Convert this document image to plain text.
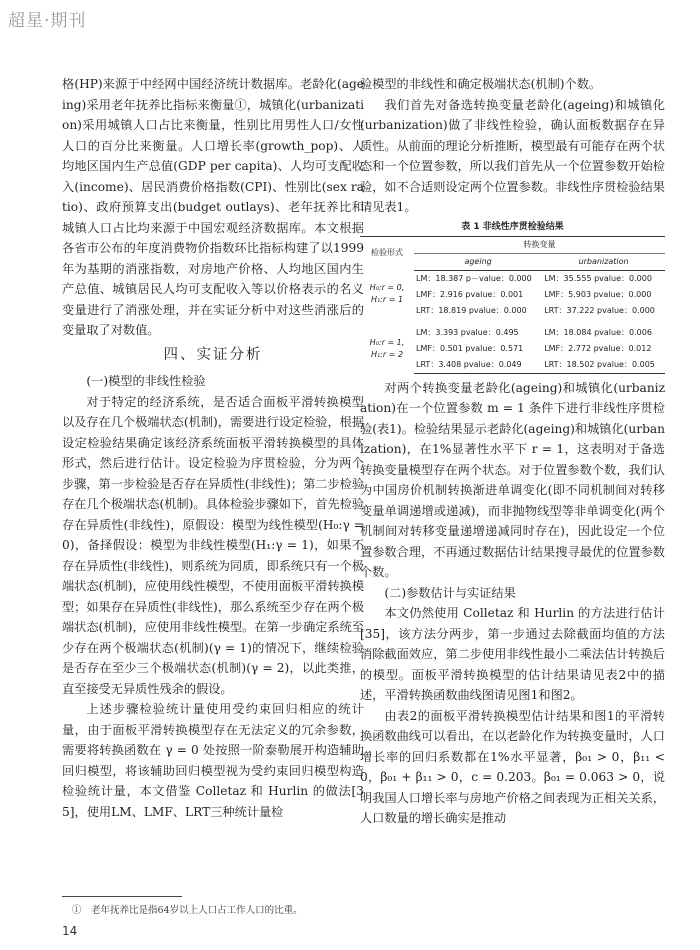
超星·期刊

格(HP)来源于中经网中国经济统计数据库。老龄化(ageing)采用老年抚养比指标来衡量①，城镇化(urbanization)采用城镇人口占比来衡量，性别比用男性人口/女性人口的百分比来衡量。人口增长率(growth_pop)、人均地区国内生产总值(GDP per capita)、人均可支配收入(income)、居民消费价格指数(CPI)、性别比(sex ratio)、政府预算支出(budget outlays)、老年抚养比和城镇人口占比均来源于中国宏观经济数据库。本文根据各省市公布的年度消费物价指数环比指标构建了以1999年为基期的消涨指数，对房地产价格、人均地区国内生产总值、城镇居民人均可支配收入等以价格表示的名义变量进行了消涨处理，并在实证分析中对这些消涨后的变量取了对数值。

四、实证分析
(一)模型的非线性检验

对于特定的经济系统，是否适合面板平滑转换模型以及存在几个极端状态(机制)，需要进行设定检验，根据设定检验结果确定该经济系统面板平滑转换模型的具体形式，然后进行估计。设定检验为序贯检验，分为两个步骤，第一步检验是否存在异质性(非线性)；第二步检验存在几个极端状态(机制)。具体检验步骤如下，首先检验存在异质性(非线性)，原假设：模型为线性模型(H₀:γ = 0)，备择假设：模型为非线性模型(H₁:γ = 1)，如果不存在异质性(非线性)，则系统为同质，即系统只有一个极端状态(机制)，应使用线性模型，不使用面板平滑转换模型；如果存在异质性(非线性)，那么系统至少存在两个极端状态(机制)，应使用非线性模型。在第一步确定系统至少存在两个极端状态(机制)(γ = 1)的情况下，继续检验是否存在至少三个极端状态(机制)(γ = 2)，以此类推，直至接受无异质性残余的假设。

上述步骤检验统计量使用受约束回归相应的统计量，由于面板平滑转换模型存在无法定义的冗余参数，需要将转换函数在 γ = 0 处按照一阶泰勒展开构造辅助回归模型，将该辅助回归模型视为受约束回归模型构造检验统计量，本文借鉴 Colletaz 和 Hurlin 的做法[35]，使用LM、LMF、LRT三种统计量检

验模型的非线性和确定极端状态(机制)个数。

我们首先对备选转换变量老龄化(ageing)和城镇化(urbanization)做了非线性检验，确认面板数据存在异质性。从前面的理论分析推断，模型最有可能存在两个状态和一个位置参数，所以我们首先从一个位置参数开始检验，如不合适则设定两个位置参数。非线性序贯检验结果请见表1。

表 1 非线性序贯检验结果
检验形式	转换变量	
	ageing	urbanization

H₀:r = 0,
H₁:r = 1	LM：18.387 p－value：0.000	LM：35.555 pvalue：0.000
	LMF：2.916 pvalue：0.001	LMF：5.903 pvalue：0.000
	LRT：18.819 pvalue：0.000	LRT：37.222 pvalue：0.000

H₀:r = 1,
H₁:r = 2	LM：3.393 pvalue：0.495	LM：18.084 pvalue：0.006
	LMF：0.501 pvalue：0.571	LMF：2.772 pvalue：0.012
	LRT：3.408 pvalue：0.049	LRT：18.502 pvalue：0.005

对两个转换变量老龄化(ageing)和城镇化(urbanization)在一个位置参数 m = 1 条件下进行非线性序贯检验(表1)。检验结果显示老龄化(ageing)和城镇化(urbanization)，在1%显著性水平下 r = 1，这表明对于备选转换变量模型存在两个状态。对于位置参数个数，我们认为中国房价机制转换渐进单调变化(即不同机制间对转移变量单调递增或递减)，而非抛物线型等非单调变化(两个机制间对转移变量递增递减同时存在)，因此设定一个位置参数合理，不再通过数据估计结果搜寻最优的位置参数个数。

(二)参数估计与实证结果

本文仍然使用 Colletaz 和 Hurlin 的方法进行估计[35]，该方法分两步，第一步通过去除截面均值的方法消除截面效应，第二步使用非线性最小二乘法估计转换后的模型。面板平滑转换模型的估计结果请见表2中的描述，平滑转换函数曲线图请见图1和图2。

由表2的面板平滑转换模型估计结果和图1的平滑转换函数曲线可以看出，在以老龄化作为转换变量时，人口增长率的回归系数都在1%水平显著，β₀₁ > 0，β₁₁ < 0，β₀₁ + β₁₁ > 0，c = 0.203。β₀₁ = 0.063 > 0，说明我国人口增长率与房地产价格之间表现为正相关关系，人口数量的增长确实是推动

①　老年抚养比是指64岁以上人口占工作人口的比重。
14
